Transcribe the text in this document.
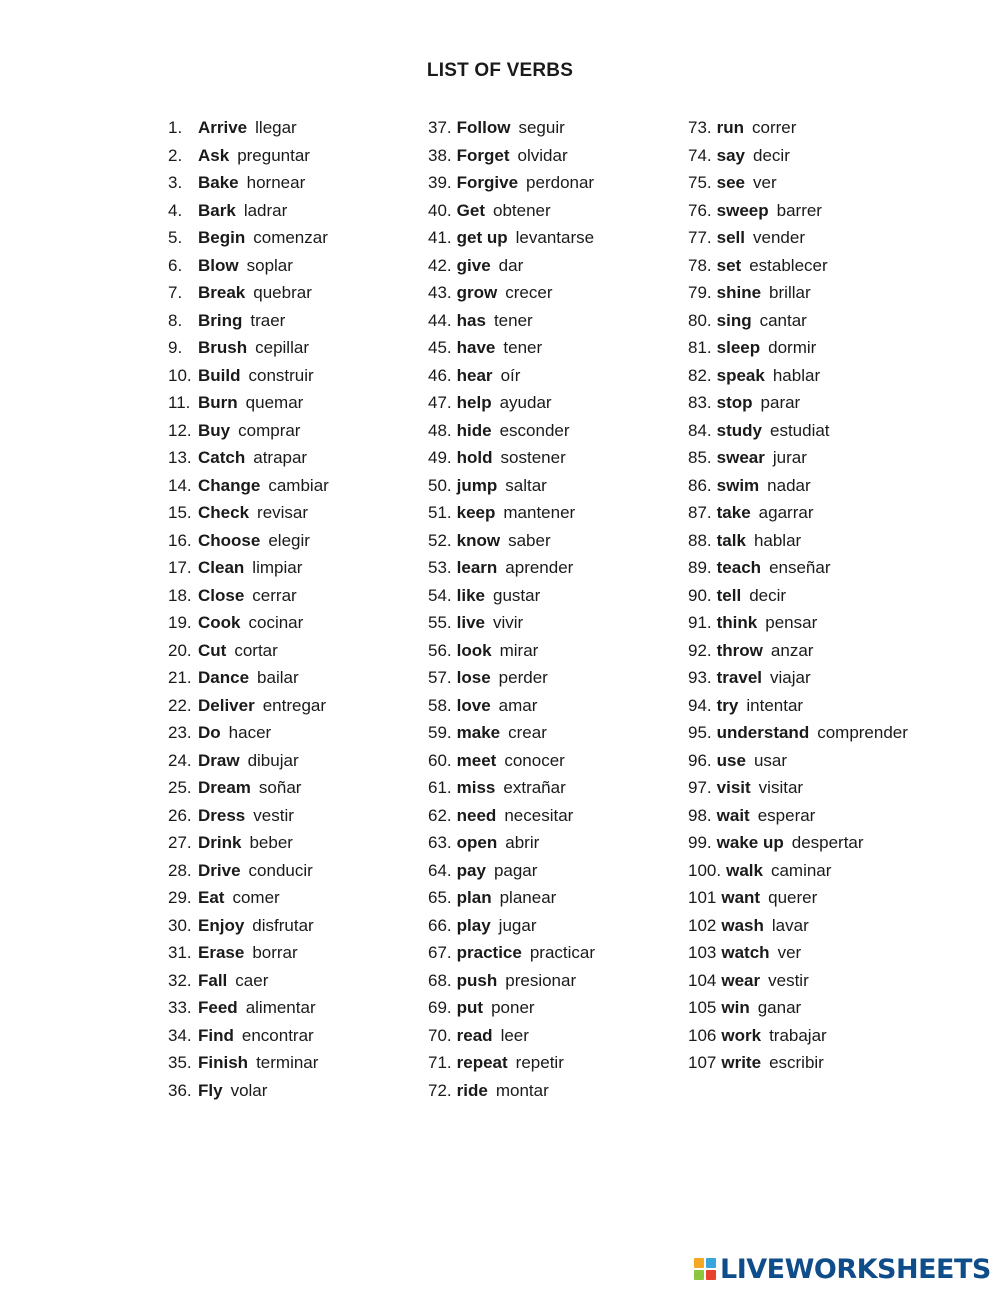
LIST OF VERBS
1. Arrive llegar
2. Ask preguntar
3. Bake hornear
4. Bark ladrar
5. Begin comenzar
6. Blow soplar
7. Break quebrar
8. Bring traer
9. Brush cepillar
10. Build construir
11. Burn quemar
12. Buy comprar
13. Catch atrapar
14. Change cambiar
15. Check revisar
16. Choose elegir
17. Clean limpiar
18. Close cerrar
19. Cook cocinar
20. Cut cortar
21. Dance bailar
22. Deliver entregar
23. Do hacer
24. Draw dibujar
25. Dream soñar
26. Dress vestir
27. Drink beber
28. Drive conducir
29. Eat comer
30. Enjoy disfrutar
31. Erase borrar
32. Fall caer
33. Feed alimentar
34. Find encontrar
35. Finish terminar
36. Fly volar
37. Follow seguir
38. Forget olvidar
39. Forgive perdonar
40. Get obtener
41. get up levantarse
42. give dar
43. grow crecer
44. has tener
45. have tener
46. hear oír
47. help ayudar
48. hide esconder
49. hold sostener
50. jump saltar
51. keep mantener
52. know saber
53. learn aprender
54. like gustar
55. live vivir
56. look mirar
57. lose perder
58. love amar
59. make crear
60. meet conocer
61. miss extrañar
62. need necesitar
63. open abrir
64. pay pagar
65. plan planear
66. play jugar
67. practice practicar
68. push presionar
69. put poner
70. read leer
71. repeat repetir
72. ride montar
73. run correr
74. say decir
75. see ver
76. sweep barrer
77. sell vender
78. set establecer
79. shine brillar
80. sing cantar
81. sleep dormir
82. speak hablar
83. stop parar
84. study estudiat
85. swear jurar
86. swim nadar
87. take agarrar
88. talk hablar
89. teach enseñar
90. tell decir
91. think pensar
92. throw anzar
93. travel viajar
94. try intentar
95. understand comprender
96. use usar
97. visit visitar
98. wait esperar
99. wake up despertar
100. walk caminar
101 want querer
102 wash lavar
103 watch ver
104 wear vestir
105 win ganar
106 work trabajar
107 write escribir
LIVEWORKSHEETS
